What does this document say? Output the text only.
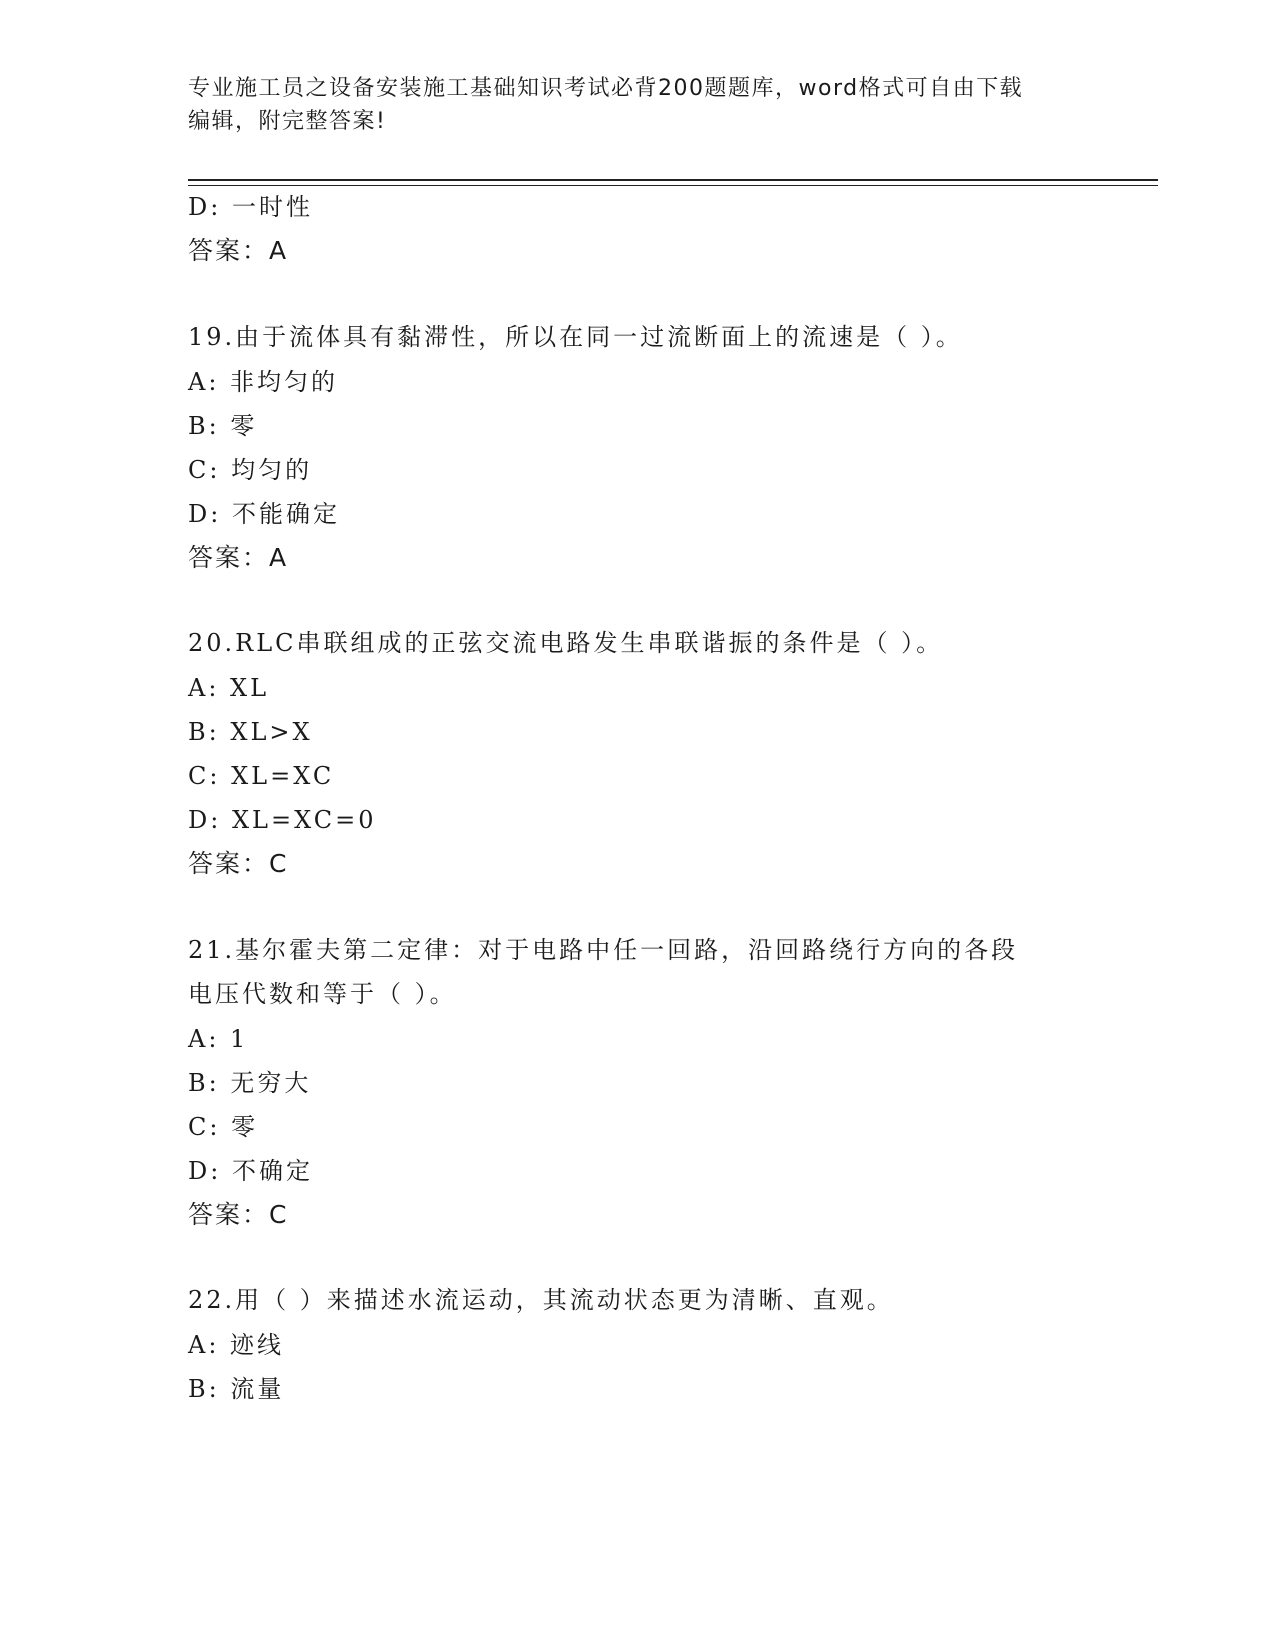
专业施工员之设备安装施工基础知识考试必背200题题库，word格式可自由下载
编辑，附完整答案!
D: 一时性
答案：A
19.由于流体具有黏滞性，所以在同一过流断面上的流速是（ ）。
A: 非均匀的
B: 零
C: 均匀的
D: 不能确定
答案：A
20.RLC串联组成的正弦交流电路发生串联谐振的条件是（ ）。
A: XL
B: XL>X
C: XL=XC
D: XL=XC=0
答案：C
21.基尔霍夫第二定律：对于电路中任一回路，沿回路绕行方向的各段
电压代数和等于（ ）。
A: 1
B: 无穷大
C: 零
D: 不确定
答案：C
22.用（ ）来描述水流运动，其流动状态更为清晰、直观。
A: 迹线
B: 流量
